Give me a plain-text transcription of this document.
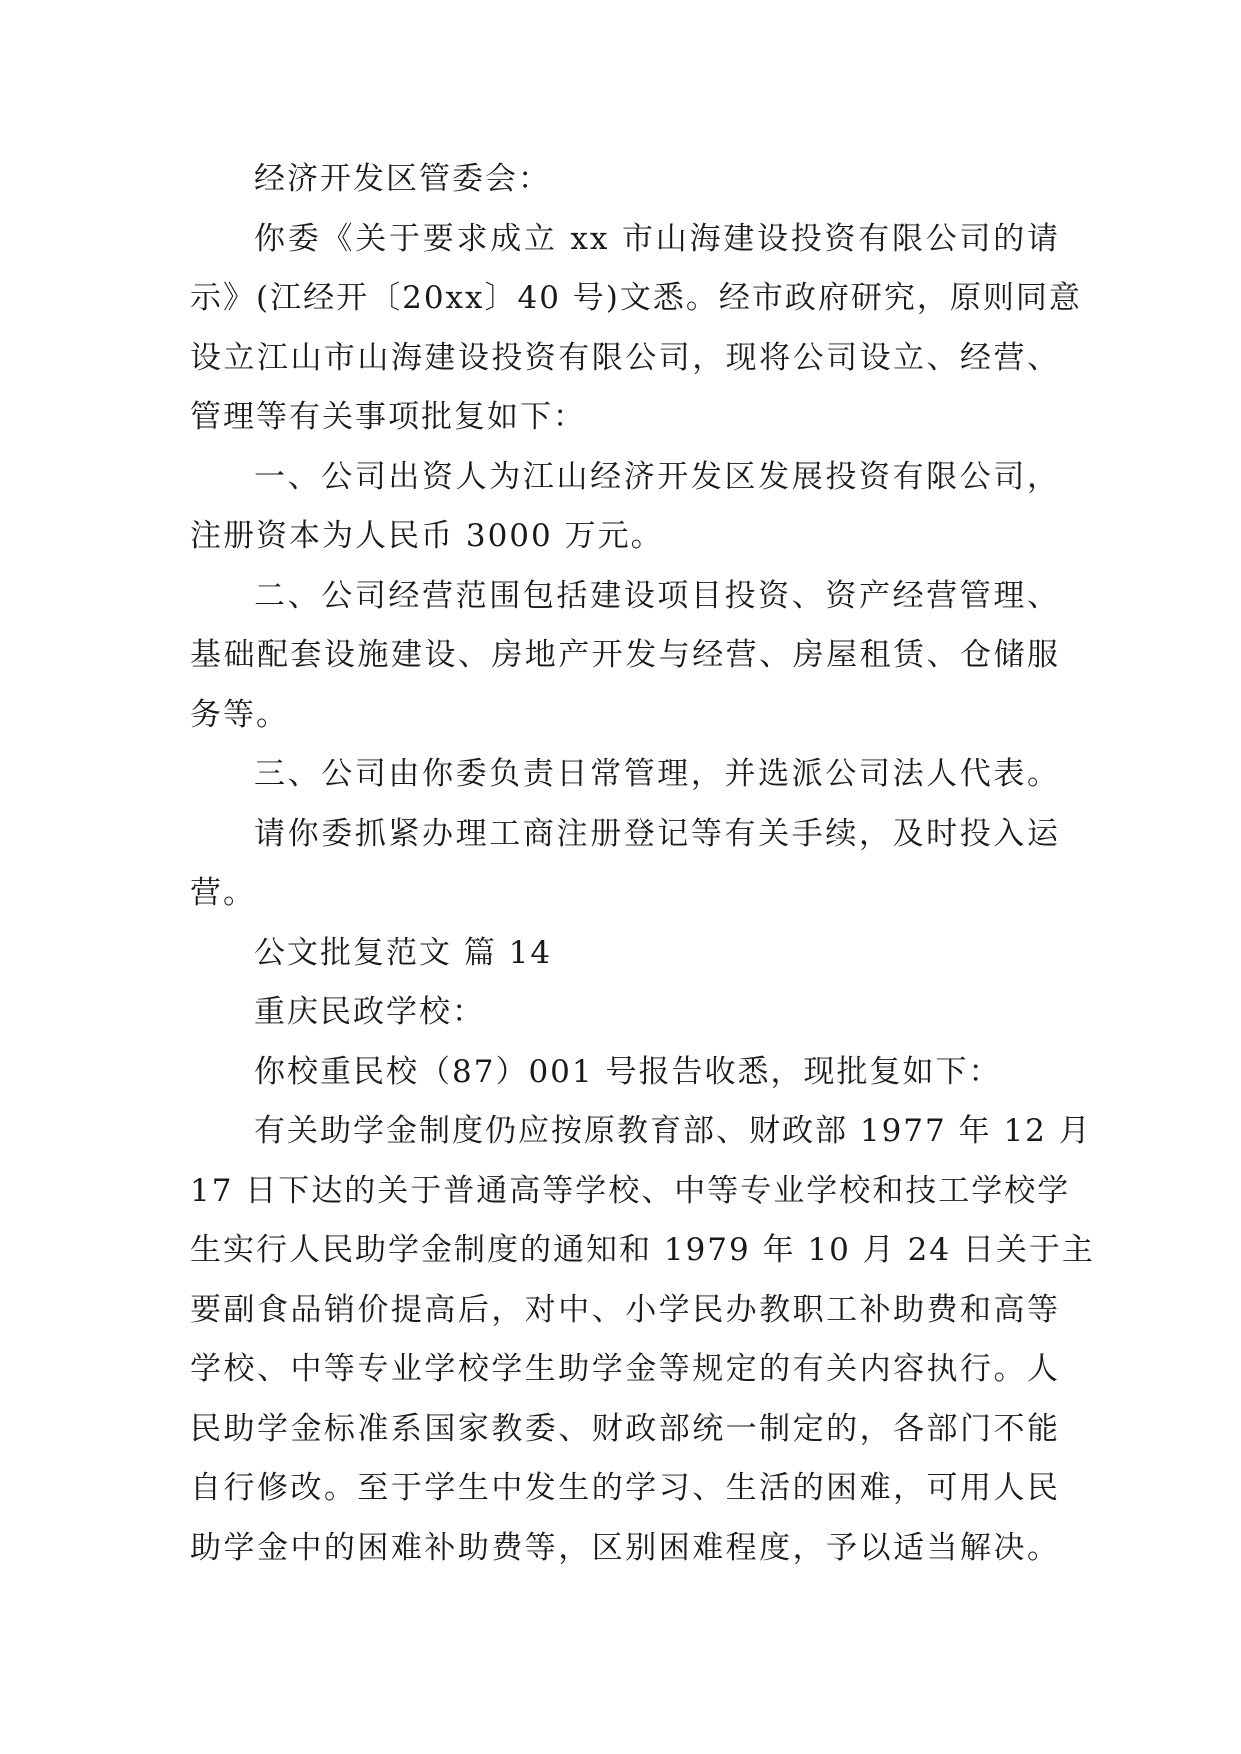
经济开发区管委会：
你委《关于要求成立 xx 市山海建设投资有限公司的请
示》(江经开〔20xx〕40 号)文悉。经市政府研究，原则同意
设立江山市山海建设投资有限公司，现将公司设立、经营、
管理等有关事项批复如下：
一、公司出资人为江山经济开发区发展投资有限公司，
注册资本为人民币 3000 万元。
二、公司经营范围包括建设项目投资、资产经营管理、
基础配套设施建设、房地产开发与经营、房屋租赁、仓储服
务等。
三、公司由你委负责日常管理，并选派公司法人代表。
请你委抓紧办理工商注册登记等有关手续，及时投入运
营。
公文批复范文 篇 14
重庆民政学校：
你校重民校（87）001 号报告收悉，现批复如下：
有关助学金制度仍应按原教育部、财政部 1977 年 12 月
17 日下达的关于普通高等学校、中等专业学校和技工学校学
生实行人民助学金制度的通知和 1979 年 10 月 24 日关于主
要副食品销价提高后，对中、小学民办教职工补助费和高等
学校、中等专业学校学生助学金等规定的有关内容执行。人
民助学金标准系国家教委、财政部统一制定的，各部门不能
自行修改。至于学生中发生的学习、生活的困难，可用人民
助学金中的困难补助费等，区别困难程度，予以适当解决。
